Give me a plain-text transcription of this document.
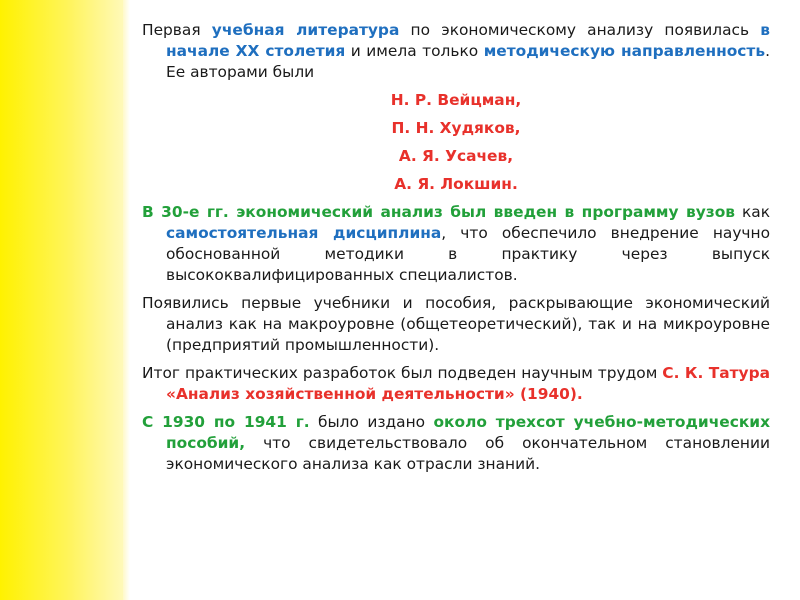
Первая учебная литература по экономическому анализу появилась в начале XX столетия и имела только методическую направленность. Ее авторами были

Н. Р. Вейцман,
П. Н. Худяков,
А. Я. Усачев,
А. Я. Локшин.

В 30-е гг. экономический анализ был введен в программу вузов как самостоятельная дисциплина, что обеспечило внедрение научно обоснованной методики в практику через выпуск высококвалифицированных специалистов.

Появились первые учебники и пособия, раскрывающие экономический анализ как на макроуровне (общетеоретический), так и на микроуровне (предприятий промышленности).

Итог практических разработок был подведен научным трудом С. К. Татура «Анализ хозяйственной деятельности» (1940).

С 1930 по 1941 г. было издано около трехсот учебно-методических пособий, что свидетельствовало об окончательном становлении экономического анализа как отрасли знаний.
